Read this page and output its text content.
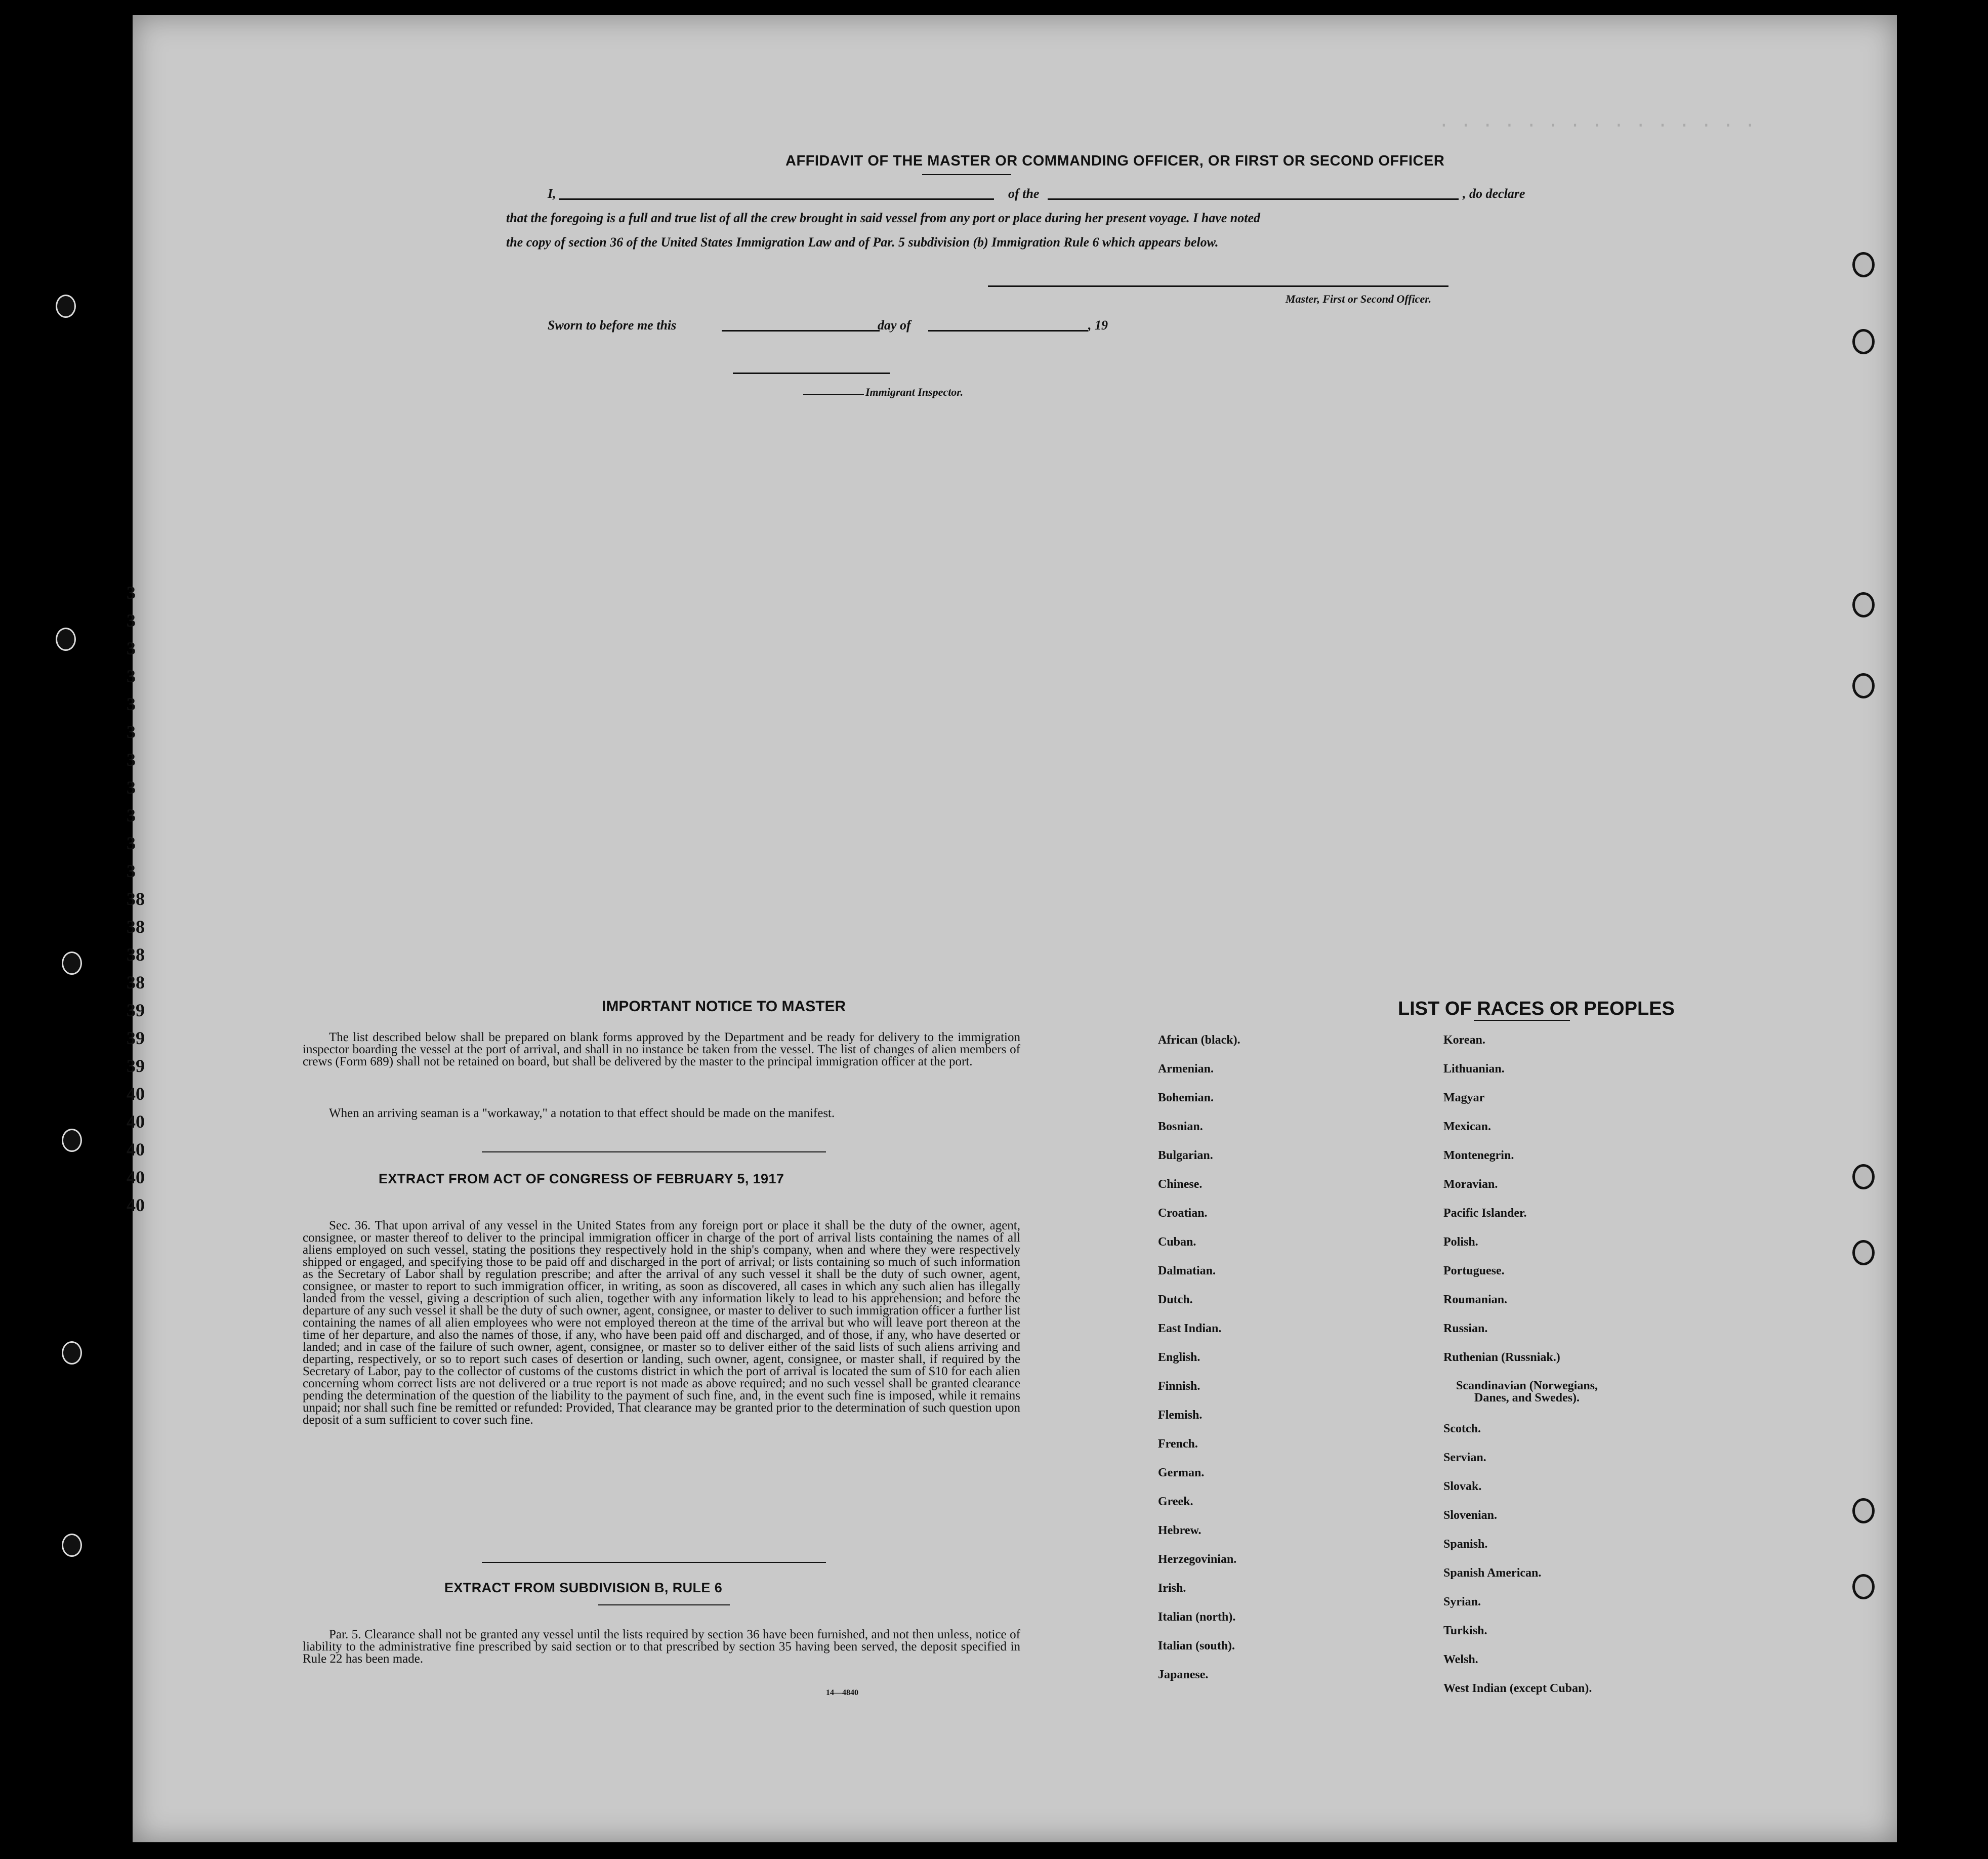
. . . . . . . . . . . . . . .
3
3
3
3
3
3
3
3
3
3
3
38
38
38
38
39
39
39
40
40
40
40
40
AFFIDAVIT OF THE MASTER OR COMMANDING OFFICER, OR FIRST OR SECOND OFFICER
I,	of the	, do declare
that the foregoing is a full and true list of all the crew brought in said vessel from any port or place during her present voyage. I have noted
the copy of section 36 of the United States Immigration Law and of Par. 5 subdivision (b) Immigration Rule 6 which appears below.
Master, First or Second Officer.
Sworn to before me this	day of	, 19
Immigrant Inspector.
IMPORTANT NOTICE TO MASTER
The list described below shall be prepared on blank forms approved by the Department and be ready for delivery to the immigration inspector boarding the vessel at the port of arrival, and shall in no instance be taken from the vessel. The list of changes of alien members of crews (Form 689) shall not be retained on board, but shall be delivered by the master to the principal immigration officer at the port.
When an arriving seaman is a "workaway," a notation to that effect should be made on the manifest.
EXTRACT FROM ACT OF CONGRESS OF FEBRUARY 5, 1917
Sec. 36. That upon arrival of any vessel in the United States from any foreign port or place it shall be the duty of the owner, agent, consignee, or master thereof to deliver to the principal immigration officer in charge of the port of arrival lists containing the names of all aliens employed on such vessel, stating the positions they respectively hold in the ship's company, when and where they were respectively shipped or engaged, and specifying those to be paid off and discharged in the port of arrival; or lists containing so much of such information as the Secretary of Labor shall by regulation prescribe; and after the arrival of any such vessel it shall be the duty of such owner, agent, consignee, or master to report to such immigration officer, in writing, as soon as discovered, all cases in which any such alien has illegally landed from the vessel, giving a description of such alien, together with any information likely to lead to his apprehension; and before the departure of any such vessel it shall be the duty of such owner, agent, consignee, or master to deliver to such immigration officer a further list containing the names of all alien employees who were not employed thereon at the time of the arrival but who will leave port thereon at the time of her departure, and also the names of those, if any, who have been paid off and discharged, and of those, if any, who have deserted or landed; and in case of the failure of such owner, agent, consignee, or master so to deliver either of the said lists of such aliens arriving and departing, respectively, or so to report such cases of desertion or landing, such owner, agent, consignee, or master shall, if required by the Secretary of Labor, pay to the collector of customs of the customs district in which the port of arrival is located the sum of $10 for each alien concerning whom correct lists are not delivered or a true report is not made as above required; and no such vessel shall be granted clearance pending the determination of the question of the liability to the payment of such fine, and, in the event such fine is imposed, while it remains unpaid; nor shall such fine be remitted or refunded: Provided, That clearance may be granted prior to the determination of such question upon deposit of a sum sufficient to cover such fine.
EXTRACT FROM SUBDIVISION B, RULE 6
Par. 5. Clearance shall not be granted any vessel until the lists required by section 36 have been furnished, and not then unless, notice of liability to the administrative fine prescribed by said section or to that prescribed by section 35 having been served, the deposit specified in Rule 22 has been made.
14—4840
LIST OF RACES OR PEOPLES
African (black).
Armenian.
Bohemian.
Bosnian.
Bulgarian.
Chinese.
Croatian.
Cuban.
Dalmatian.
Dutch.
East Indian.
English.
Finnish.
Flemish.
French.
German.
Greek.
Hebrew.
Herzegovinian.
Irish.
Italian (north).
Italian (south).
Japanese.
Korean.
Lithuanian.
Magyar
Mexican.
Montenegrin.
Moravian.
Pacific Islander.
Polish.
Portuguese.
Roumanian.
Russian.
Ruthenian (Russniak.)
Scandinavian (Norwegians, Danes, and Swedes).
Scotch.
Servian.
Slovak.
Slovenian.
Spanish.
Spanish American.
Syrian.
Turkish.
Welsh.
West Indian (except Cuban).
